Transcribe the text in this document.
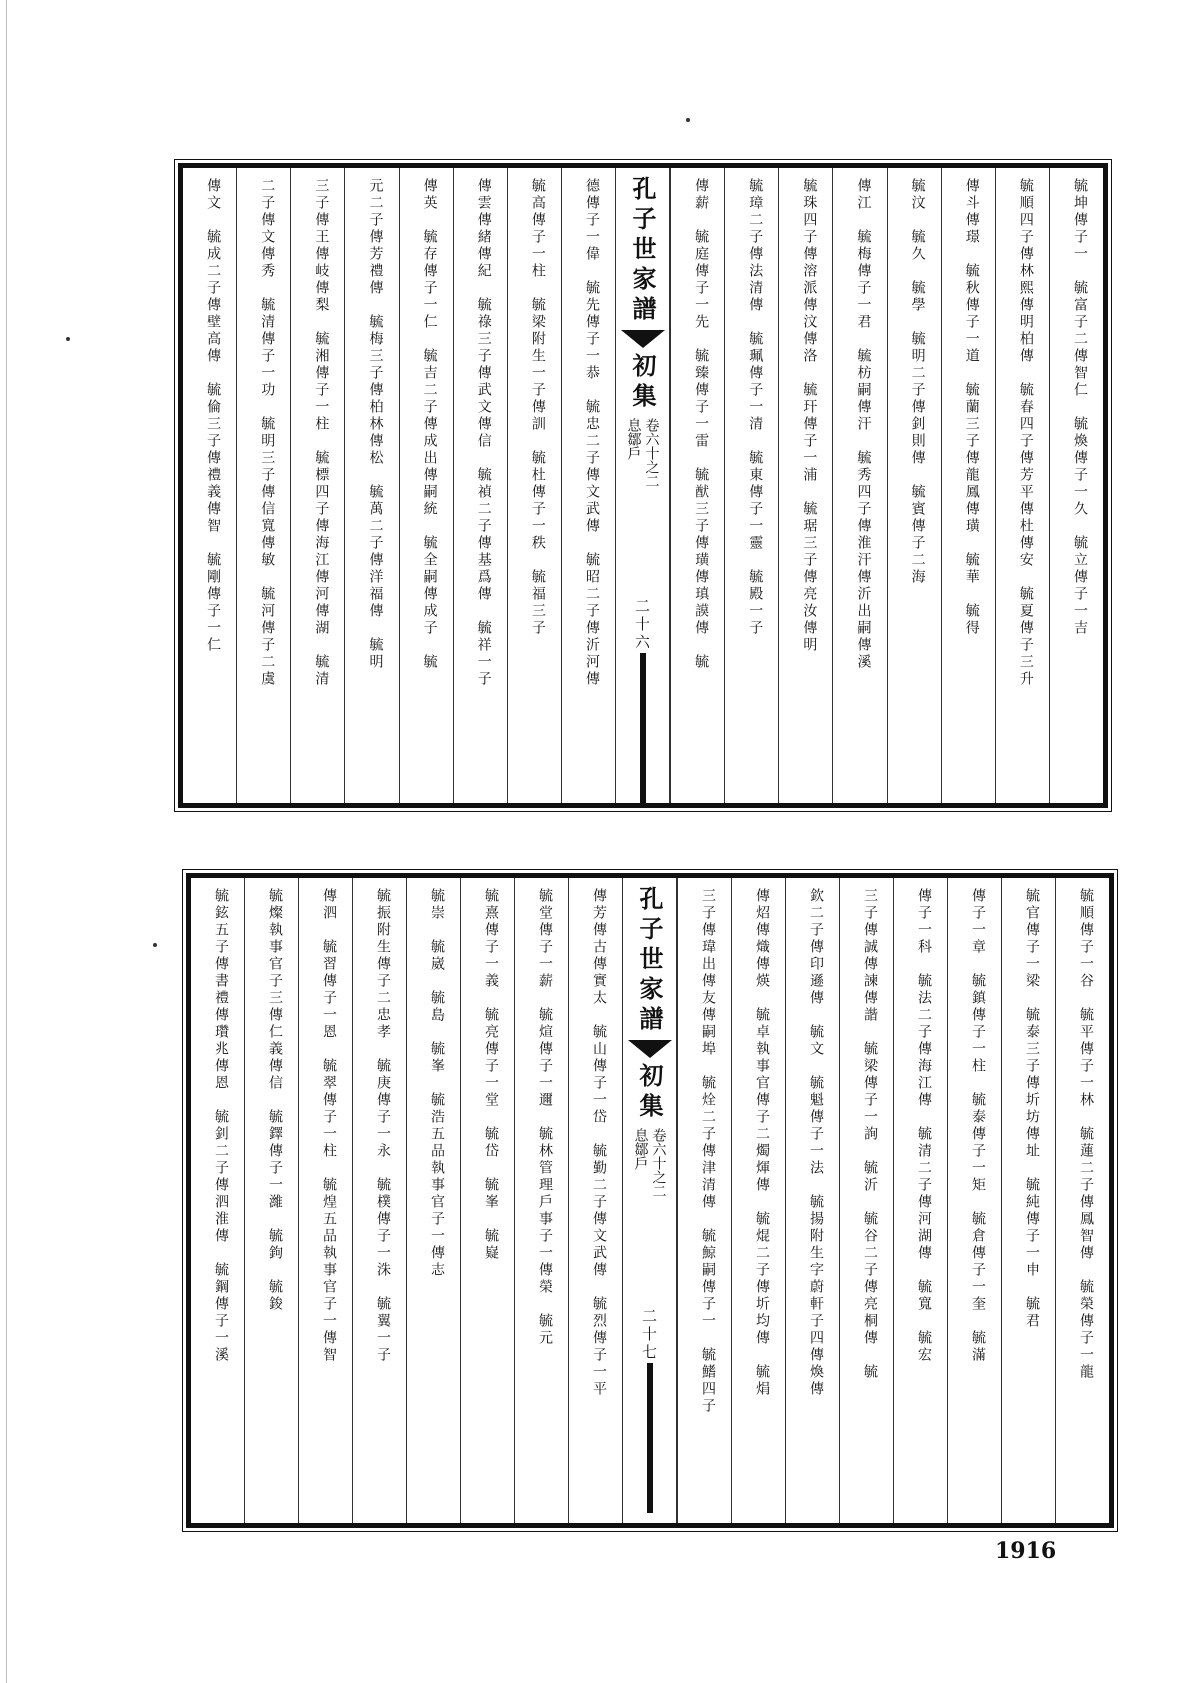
毓坤傳子一　毓富子二傳智仁　毓煥傳子一久　毓立傳子一吉
毓順四子傳林熙傳明柏傳　毓春四子傳芳平傳杜傳安　毓夏傳子三升
傳斗傳璟　毓秋傳子一道　毓蘭三子傳龍鳳傳璜　毓華　毓得
毓汶　毓久　毓學　毓明二子傳釗則傳　毓賓傳子二海
傳江　毓梅傳子一君　毓枋嗣傳汗　毓秀四子傳淮汗傳沂出嗣傳溪
毓珠四子傳溶派傳汶傳洛　毓玕傳子一浦　毓琚三子傳亮汝傳明
毓璋二子傳法清傳　毓珮傳子一清　毓東傳子一靈　毓殿一子
傳薪　毓庭傳子一先　毓臻傳子一雷　毓猷三子傳璜傳瑱謨傳　毓
孔子世家譜
初集
卷六十之二
息鄒戶
二十六
德傳子一偉　毓先傳子一恭　毓忠二子傳文武傳　毓昭二子傳沂河傳
毓高傳子一柱　毓梁附生一子傳訓　毓杜傳子一秩　毓福三子
傳雲傳緒傳紀　毓祿三子傳武文傳信　毓禎二子傳基爲傳　毓祥一子
傳英　毓存傳子一仁　毓吉二子傳成出傳嗣統　毓全嗣傳成子　毓
元二子傳芳禮傳　毓梅三子傳柏林傳松　毓萬二子傳洋福傳　毓明
三子傳王傳岐傳梨　毓湘傳子一柱　毓標四子傳海江傳河傳湖　毓清
二子傳文傳秀　毓清傳子一功　毓明三子傳信寬傳敏　毓河傳子二虞
傳文　毓成二子傳壁高傳　毓倫三子傳禮義傳智　毓剛傳子一仁
毓順傳子一谷　毓平傳子一林　毓蓮二子傳鳳智傳　毓榮傳子一龍
毓官傳子一梁　毓泰三子傳圻坊傳址　毓純傳子一申　毓君
傳子一章　毓鎮傳子一柱　毓泰傳子一矩　毓倉傳子一奎　毓滿
傳子一科　毓法二子傳海江傳　毓清二子傳河湖傳　毓寬　毓宏
三子傳誠傳諫傳諧　毓梁傳子一詢　毓沂　毓谷二子傳亮桐傳　毓
欽二子傳印遜傳　毓文　毓魁傳子一法　毓揚附生字蔚軒子四傳煥傳
傳炤傳熾傳煐　毓卓執事官傳子二燭煇傳　毓焜二子傳圻均傳　毓焆
三子傳瑋出傳友傳嗣埠　毓烇二子傳津清傳　毓鯨嗣傳子一　毓鰭四子
孔子世家譜
初集
卷六十之二
息鄒戶
二十七
傳芳傳古傳實太　毓山傳子一岱　毓勤二子傳文武傳　毓烈傳子一平
毓堂傳子一薪　毓煊傳子一邇　毓林管理戶事子一傳榮　毓元
毓熹傳子一義　毓亮傳子一堂　毓岱　毓峯　毓嶷
毓崇　毓崴　毓島　毓峯　毓浩五品執事官子一傳志
毓振附生傳子二忠孝　毓庚傳子一永　毓樸傳子一洙　毓翼一子
傳泗　毓習傳子一恩　毓翠傳子一柱　毓煌五品執事官子一傳智
毓燦執事官子三傳仁義傳信　毓鐸傳子一濰　毓鉤　毓鋑
毓鉉五子傳書禮傳瓚兆傳恩　毓釗二子傳泗淮傳　毓鋼傳子一溪
1916
